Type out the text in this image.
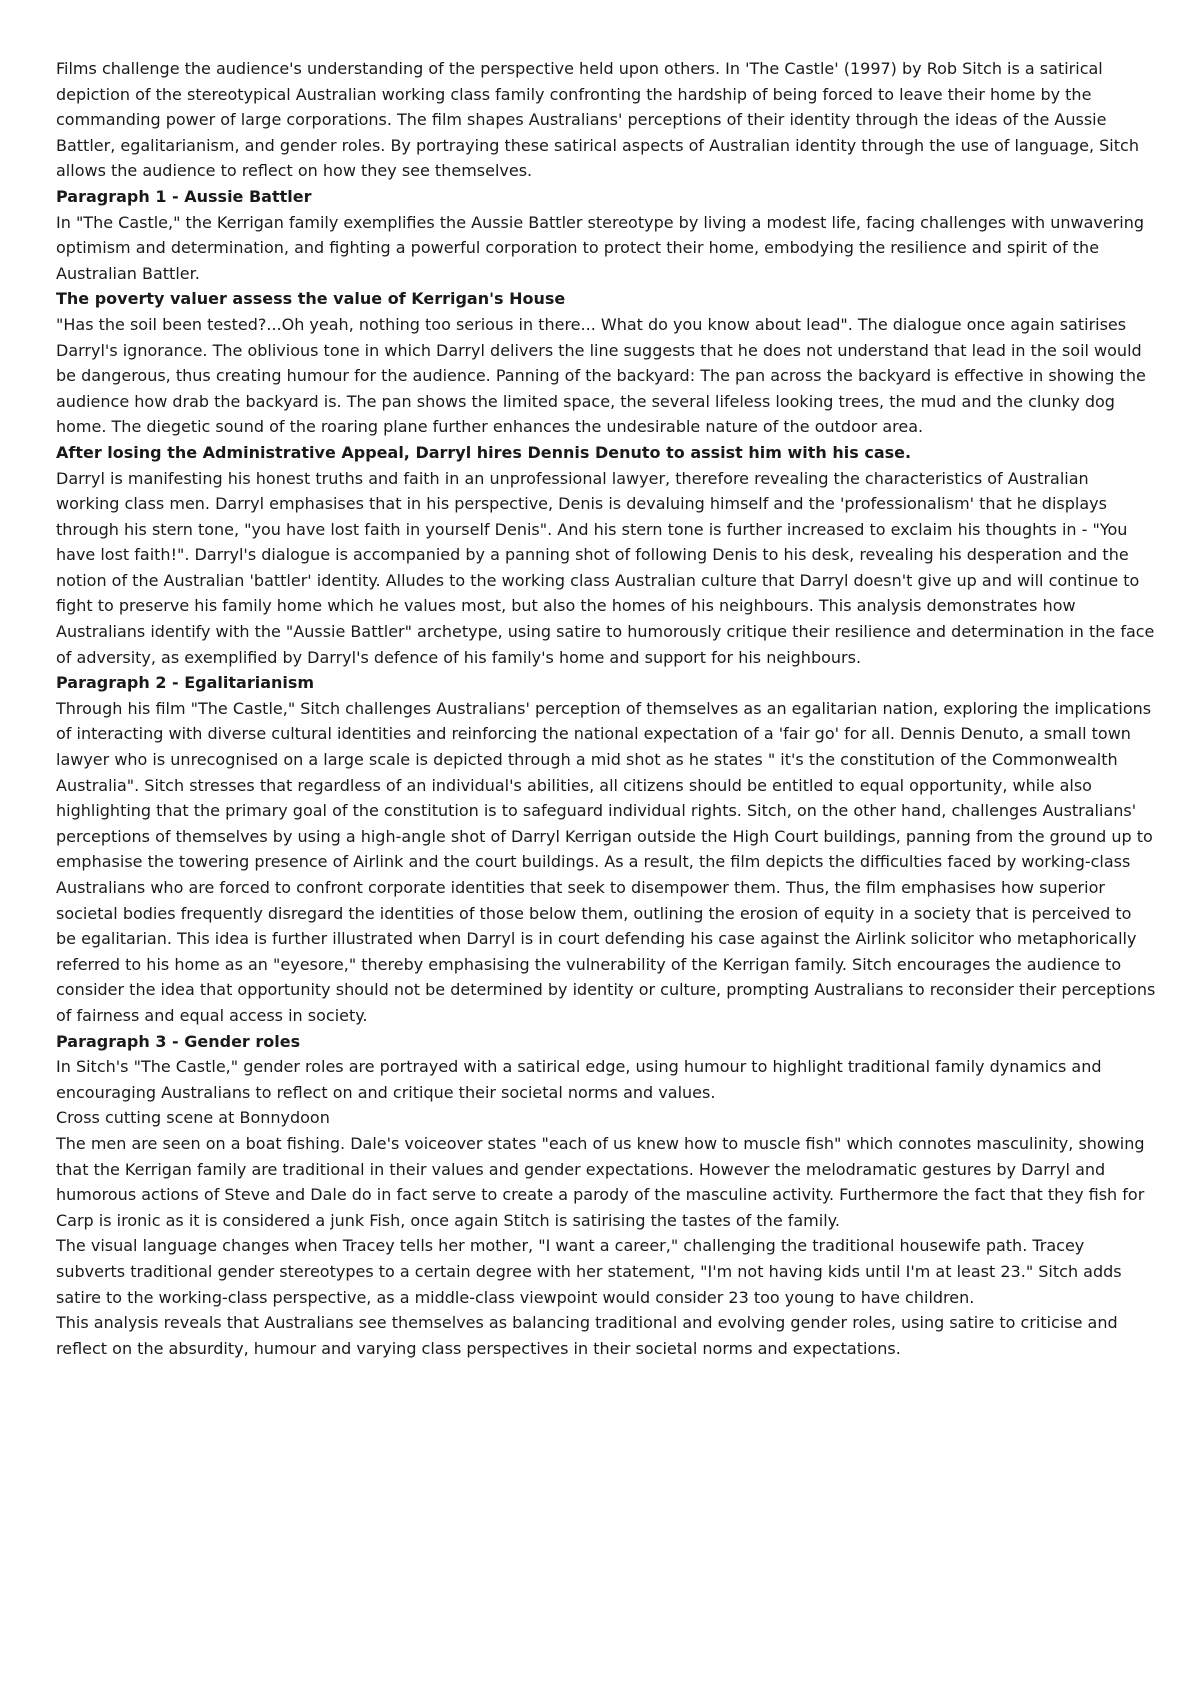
Films challenge the audience's understanding of the perspective held upon others. In 'The Castle' (1997) by Rob Sitch is a satirical depiction of the stereotypical Australian working class family confronting the hardship of being forced to leave their home by the commanding power of large corporations. The film shapes Australians' perceptions of their identity through the ideas of the Aussie Battler, egalitarianism, and gender roles. By portraying these satirical aspects of Australian identity through the use of language, Sitch allows the audience to reflect on how they see themselves.

Paragraph 1 - Aussie Battler

In "The Castle," the Kerrigan family exemplifies the Aussie Battler stereotype by living a modest life, facing challenges with unwavering optimism and determination, and fighting a powerful corporation to protect their home, embodying the resilience and spirit of the Australian Battler.

The poverty valuer assess the value of Kerrigan's House

"Has the soil been tested?...Oh yeah, nothing too serious in there... What do you know about lead". The dialogue once again satirises Darryl's ignorance. The oblivious tone in which Darryl delivers the line suggests that he does not understand that lead in the soil would be dangerous, thus creating humour for the audience. Panning of the backyard: The pan across the backyard is effective in showing the audience how drab the backyard is. The pan shows the limited space, the several lifeless looking trees, the mud and the clunky dog home. The diegetic sound of the roaring plane further enhances the undesirable nature of the outdoor area.

After losing the Administrative Appeal, Darryl hires Dennis Denuto to assist him with his case.

Darryl is manifesting his honest truths and faith in an unprofessional lawyer, therefore revealing the characteristics of Australian working class men. Darryl emphasises that in his perspective, Denis is devaluing himself and the 'professionalism' that he displays through his stern tone, "you have lost faith in yourself Denis". And his stern tone is further increased to exclaim his thoughts in - "You have lost faith!". Darryl's dialogue is accompanied by a panning shot of following Denis to his desk, revealing his desperation and the notion of the Australian 'battler' identity. Alludes to the working class Australian culture that Darryl doesn't give up and will continue to fight to preserve his family home which he values most, but also the homes of his neighbours. This analysis demonstrates how Australians identify with the "Aussie Battler" archetype, using satire to humorously critique their resilience and determination in the face of adversity, as exemplified by Darryl's defence of his family's home and support for his neighbours.

Paragraph 2 - Egalitarianism

Through his film "The Castle," Sitch challenges Australians' perception of themselves as an egalitarian nation, exploring the implications of interacting with diverse cultural identities and reinforcing the national expectation of a 'fair go' for all. Dennis Denuto, a small town lawyer who is unrecognised on a large scale is depicted through a mid shot as he states " it's the constitution of the Commonwealth Australia". Sitch stresses that regardless of an individual's abilities, all citizens should be entitled to equal opportunity, while also highlighting that the primary goal of the constitution is to safeguard individual rights. Sitch, on the other hand, challenges Australians' perceptions of themselves by using a high-angle shot of Darryl Kerrigan outside the High Court buildings, panning from the ground up to emphasise the towering presence of Airlink and the court buildings. As a result, the film depicts the difficulties faced by working-class Australians who are forced to confront corporate identities that seek to disempower them. Thus, the film emphasises how superior societal bodies frequently disregard the identities of those below them, outlining the erosion of equity in a society that is perceived to be egalitarian. This idea is further illustrated when Darryl is in court defending his case against the Airlink solicitor who metaphorically referred to his home as an "eyesore," thereby emphasising the vulnerability of the Kerrigan family. Sitch encourages the audience to consider the idea that opportunity should not be determined by identity or culture, prompting Australians to reconsider their perceptions of fairness and equal access in society.

Paragraph 3 - Gender roles

In Sitch's "The Castle," gender roles are portrayed with a satirical edge, using humour to highlight traditional family dynamics and encouraging Australians to reflect on and critique their societal norms and values.

Cross cutting scene at Bonnydoon

The men are seen on a boat fishing. Dale's voiceover states "each of us knew how to muscle fish" which connotes masculinity, showing that the Kerrigan family are traditional in their values and gender expectations. However the melodramatic gestures by Darryl and humorous actions of Steve and Dale do in fact serve to create a parody of the masculine activity. Furthermore the fact that they fish for Carp is ironic as it is considered a junk Fish, once again Stitch is satirising the tastes of the family.

The visual language changes when Tracey tells her mother, "I want a career," challenging the traditional housewife path. Tracey subverts traditional gender stereotypes to a certain degree with her statement, "I'm not having kids until I'm at least 23." Sitch adds satire to the working-class perspective, as a middle-class viewpoint would consider 23 too young to have children.

This analysis reveals that Australians see themselves as balancing traditional and evolving gender roles, using satire to criticise and reflect on the absurdity, humour and varying class perspectives in their societal norms and expectations.
